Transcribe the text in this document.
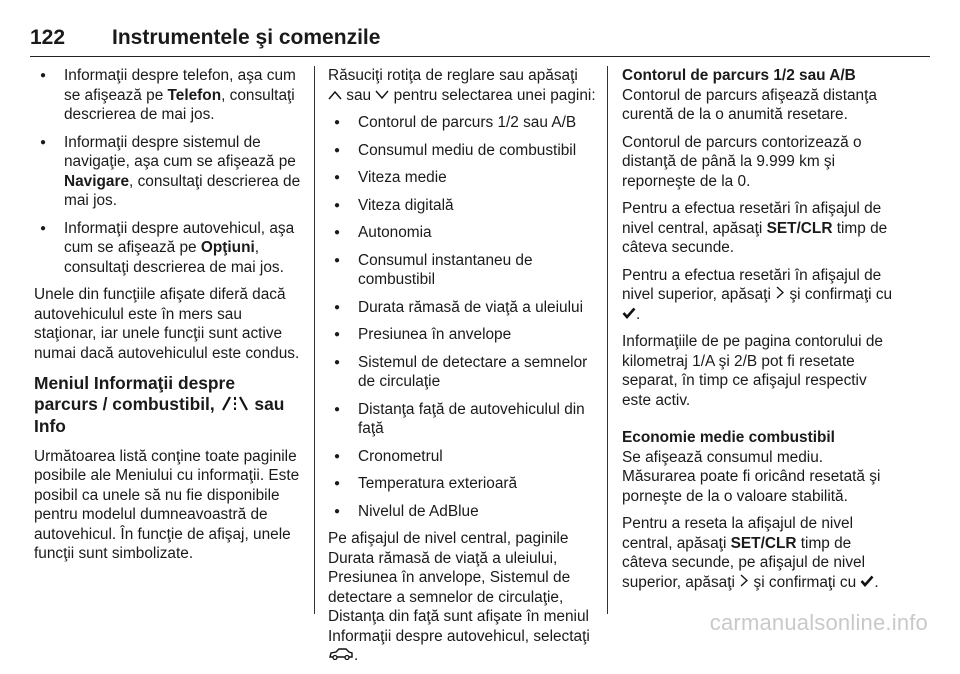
122	Instrumentele şi comenzile
● Informaţii despre telefon, aşa cum se afişează pe Telefon, consultaţi descrierea de mai jos.
● Informaţii despre sistemul de navigaţie, aşa cum se afişează pe Navigare, consultaţi descrierea de mai jos.
● Informaţii despre autovehicul, aşa cum se afişează pe Opţiuni, consultaţi descrierea de mai jos.

Unele din funcţiile afişate diferă dacă autovehiculul este în mers sau staţionar, iar unele funcţii sunt active numai dacă autovehiculul este condus.

Meniul Informaţii despre parcurs / combustibil, sau Info

Următoarea listă conţine toate paginile posibile ale Meniului cu informaţii. Este posibil ca unele să nu fie disponibile pentru modelul dumneavoastră de autovehicul. În funcţie de afişaj, unele funcţii sunt simbolizate.

Răsuciţi rotiţa de reglare sau apăsaţi  sau pentru selectarea unei pagini:

● Contorul de parcurs 1/2 sau A/B
● Consumul mediu de combustibil
● Viteza medie
● Viteza digitală
● Autonomia
● Consumul instantaneu de combustibil
● Durata rămasă de viaţă a uleiului
● Presiunea în anvelope
● Sistemul de detectare a semnelor de circulaţie
● Distanţa faţă de autovehiculul din faţă
● Cronometrul
● Temperatura exterioară
● Nivelul de AdBlue

Pe afişajul de nivel central, paginile Durata rămasă de viaţă a uleiului, Presiunea în anvelope, Sistemul de detectare a semnelor de circulaţie, Distanţa din faţă sunt afişate în meniul Informaţii despre autovehicul, selectaţi .

Contorul de parcurs 1/2 sau A/B

Contorul de parcurs afişează distanţa curentă de la o anumită resetare.

Contorul de parcurs contorizează o distanţă de până la 9.999 km şi reporneşte de la 0.

Pentru a efectua resetări în afişajul de nivel central, apăsaţi SET/CLR timp de câteva secunde.

Pentru a efectua resetări în afişajul de nivel superior, apăsaţi şi confirmaţi cu .

Informaţiile de pe pagina contorului de kilometraj 1/A şi 2/B pot fi resetate separat, în timp ce afişajul respectiv este activ.

Economie medie combustibil

Se afişează consumul mediu. Măsurarea poate fi oricând resetată şi porneşte de la o valoare stabilită.

Pentru a reseta la afişajul de nivel central, apăsaţi SET/CLR timp de câteva secunde, pe afişajul de nivel superior, apăsaţi şi confirmaţi cu .

carmanualsonline.info
